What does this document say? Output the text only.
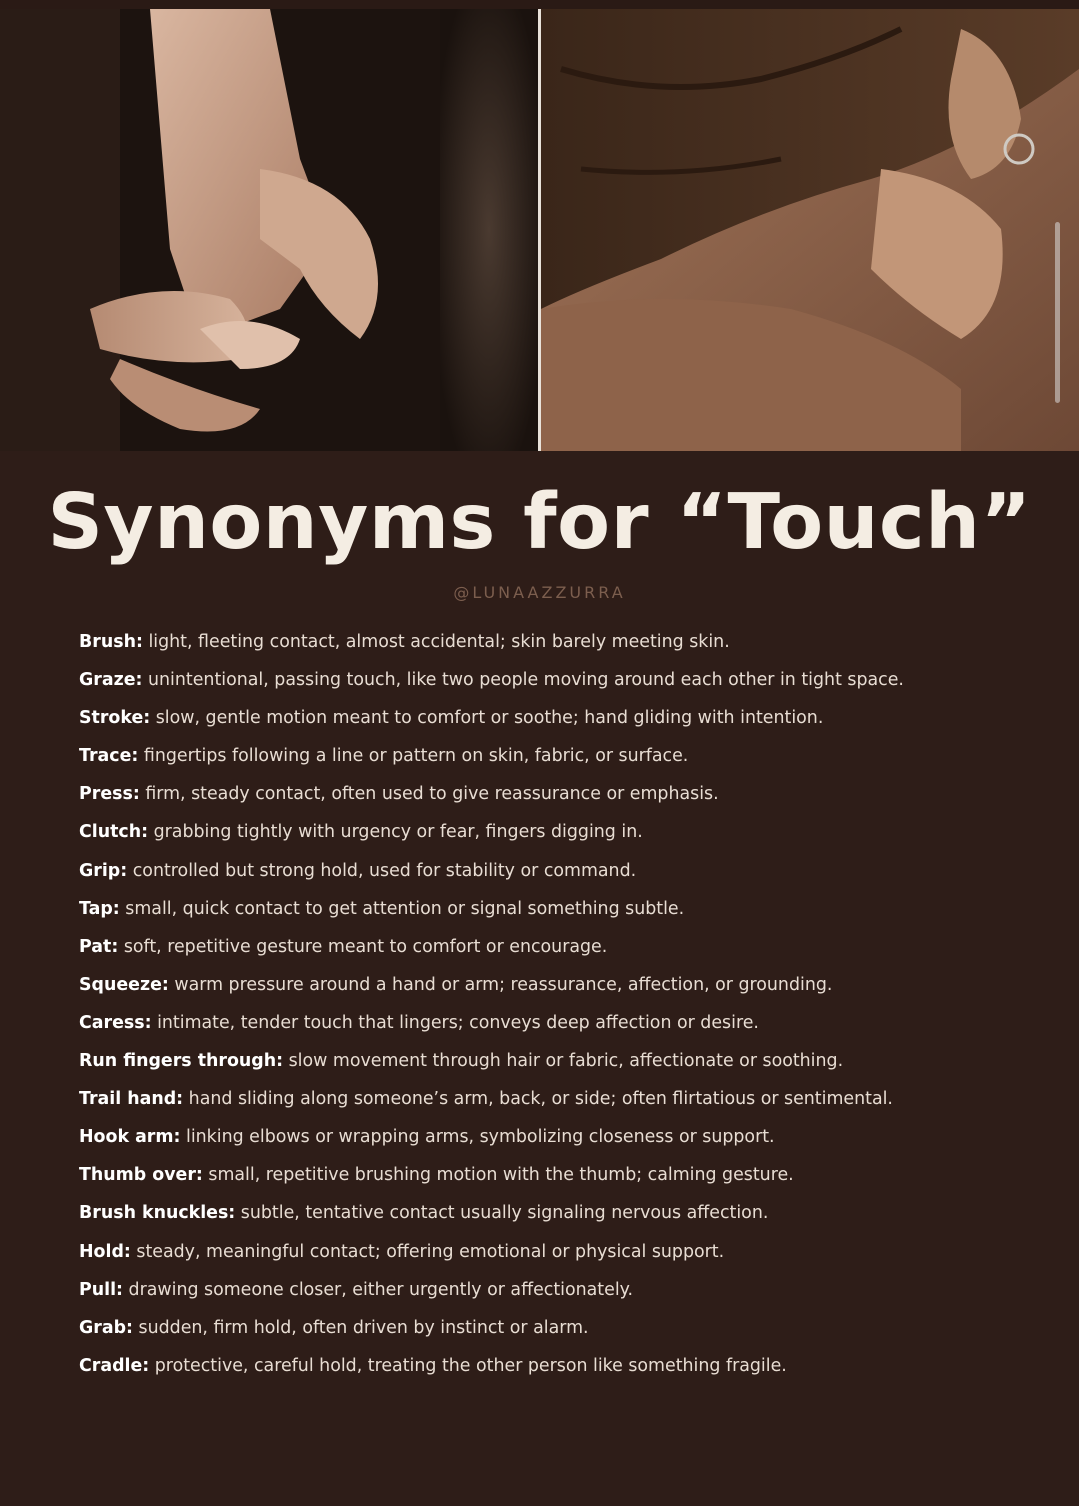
Synonyms for “Touch”
@LUNAAZZURRA
Brush: light, fleeting contact, almost accidental; skin barely meeting skin.
Graze: unintentional, passing touch, like two people moving around each other in tight space.
Stroke: slow, gentle motion meant to comfort or soothe; hand gliding with intention.
Trace: fingertips following a line or pattern on skin, fabric, or surface.
Press: firm, steady contact, often used to give reassurance or emphasis.
Clutch: grabbing tightly with urgency or fear, fingers digging in.
Grip: controlled but strong hold, used for stability or command.
Tap: small, quick contact to get attention or signal something subtle.
Pat: soft, repetitive gesture meant to comfort or encourage.
Squeeze: warm pressure around a hand or arm; reassurance, affection, or grounding.
Caress: intimate, tender touch that lingers; conveys deep affection or desire.
Run fingers through: slow movement through hair or fabric, affectionate or soothing.
Trail hand: hand sliding along someone’s arm, back, or side; often flirtatious or sentimental.
Hook arm: linking elbows or wrapping arms, symbolizing closeness or support.
Thumb over: small, repetitive brushing motion with the thumb; calming gesture.
Brush knuckles: subtle, tentative contact usually signaling nervous affection.
Hold: steady, meaningful contact; offering emotional or physical support.
Pull: drawing someone closer, either urgently or affectionately.
Grab: sudden, firm hold, often driven by instinct or alarm.
Cradle: protective, careful hold, treating the other person like something fragile.
